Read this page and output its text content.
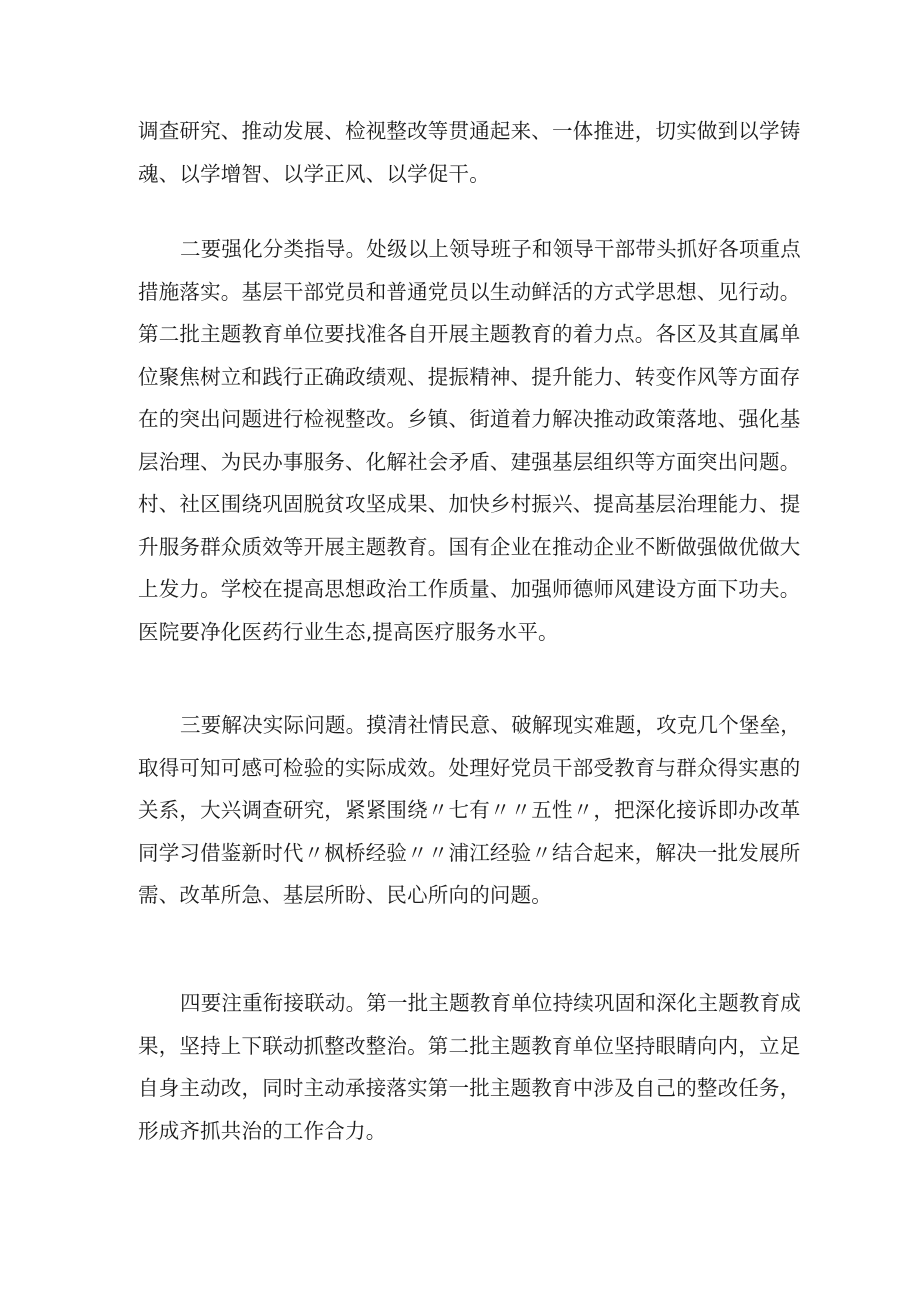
调查研究、推动发展、检视整改等贯通起来、一体推进，切实做到以学铸
魂、以学增智、以学正风、以学促干。
二要强化分类指导。处级以上领导班子和领导干部带头抓好各项重点
措施落实。基层干部党员和普通党员以生动鲜活的方式学思想、见行动。
第二批主题教育单位要找准各自开展主题教育的着力点。各区及其直属单
位聚焦树立和践行正确政绩观、提振精神、提升能力、转变作风等方面存
在的突出问题进行检视整改。乡镇、街道着力解决推动政策落地、强化基
层治理、为民办事服务、化解社会矛盾、建强基层组织等方面突出问题。
村、社区围绕巩固脱贫攻坚成果、加快乡村振兴、提高基层治理能力、提
升服务群众质效等开展主题教育。国有企业在推动企业不断做强做优做大
上发力。学校在提高思想政治工作质量、加强师德师风建设方面下功夫。
医院要净化医药行业生态,提高医疗服务水平。
三要解决实际问题。摸清社情民意、破解现实难题，攻克几个堡垒，
取得可知可感可检验的实际成效。处理好党员干部受教育与群众得实惠的
关系，大兴调查研究，紧紧围绕〃七有〃〃五性〃，把深化接诉即办改革
同学习借鉴新时代〃枫桥经验〃〃浦江经验〃结合起来，解决一批发展所
需、改革所急、基层所盼、民心所向的问题。
四要注重衔接联动。第一批主题教育单位持续巩固和深化主题教育成
果，坚持上下联动抓整改整治。第二批主题教育单位坚持眼睛向内，立足
自身主动改，同时主动承接落实第一批主题教育中涉及自己的整改任务，
形成齐抓共治的工作合力。
